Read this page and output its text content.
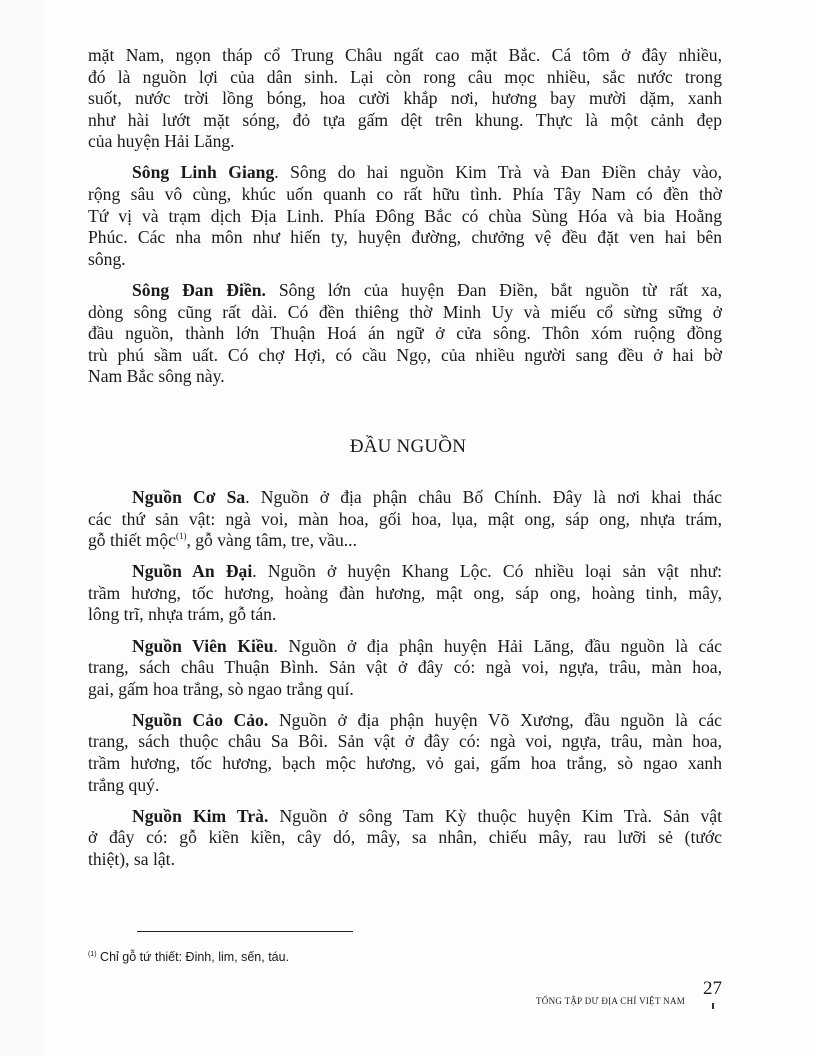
mặt Nam, ngọn tháp cổ Trung Châu ngất cao mặt Bắc. Cá tôm ở đây nhiều,
đó là nguồn lợi của dân sinh. Lại còn rong câu mọc nhiều, sắc nước trong
suốt, nước trời lồng bóng, hoa cười khắp nơi, hương bay mười dặm, xanh
như hài lướt mặt sóng, đỏ tựa gấm dệt trên khung. Thực là một cảnh đẹp
của huyện Hải Lăng.
Sông Linh Giang. Sông do hai nguồn Kim Trà và Đan Điền chảy vào,
rộng sâu vô cùng, khúc uốn quanh co rất hữu tình. Phía Tây Nam có đền thờ
Tứ vị và trạm dịch Địa Linh. Phía Đông Bắc có chùa Sùng Hóa và bia Hoằng
Phúc. Các nha môn như hiến ty, huyện đường, chưởng vệ đều đặt ven hai bên
sông.
Sông Đan Điền. Sông lớn của huyện Đan Điền, bắt nguồn từ rất xa,
dòng sông cũng rất dài. Có đền thiêng thờ Minh Uy và miếu cổ sừng sững ở
đầu nguồn, thành lớn Thuận Hoá án ngữ ở cửa sông. Thôn xóm ruộng đồng
trù phú sầm uất. Có chợ Hợi, có cầu Ngọ, của nhiều người sang đều ở hai bờ
Nam Bắc sông này.
ĐẦU NGUỒN
Nguồn Cơ Sa. Nguồn ở địa phận châu Bố Chính. Đây là nơi khai thác
các thứ sản vật: ngà voi, màn hoa, gối hoa, lụa, mật ong, sáp ong, nhựa trám,
gỗ thiết mộc$^{(1)}$, gỗ vàng tâm, tre, vầu...
Nguồn An Đại. Nguồn ở huyện Khang Lộc. Có nhiều loại sản vật như:
trầm hương, tốc hương, hoàng đàn hương, mật ong, sáp ong, hoàng tinh, mây,
lông trĩ, nhựa trám, gỗ tán.
Nguồn Viên Kiều. Nguồn ở địa phận huyện Hải Lăng, đầu nguồn là các
trang, sách châu Thuận Bình. Sản vật ở đây có: ngà voi, ngựa, trâu, màn hoa,
gai, gấm hoa trắng, sò ngao trắng quí.
Nguồn Cảo Cảo. Nguồn ở địa phận huyện Võ Xương, đầu nguồn là các
trang, sách thuộc châu Sa Bôi. Sản vật ở đây có: ngà voi, ngựa, trâu, màn hoa,
trầm hương, tốc hương, bạch mộc hương, vỏ gai, gấm hoa trắng, sò ngao xanh
trắng quý.
Nguồn Kim Trà. Nguồn ở sông Tam Kỳ thuộc huyện Kim Trà. Sản vật
ở đây có: gỗ kiền kiền, cây dó, mây, sa nhân, chiếu mây, rau lưỡi sẻ (tước
thiệt), sa lật.
$^{(1)}$ Chỉ gỗ tứ thiết: Đinh, lim, sến, táu.
TỔNG TẬP DƯ ĐỊA CHÍ VIỆT NAM
27
